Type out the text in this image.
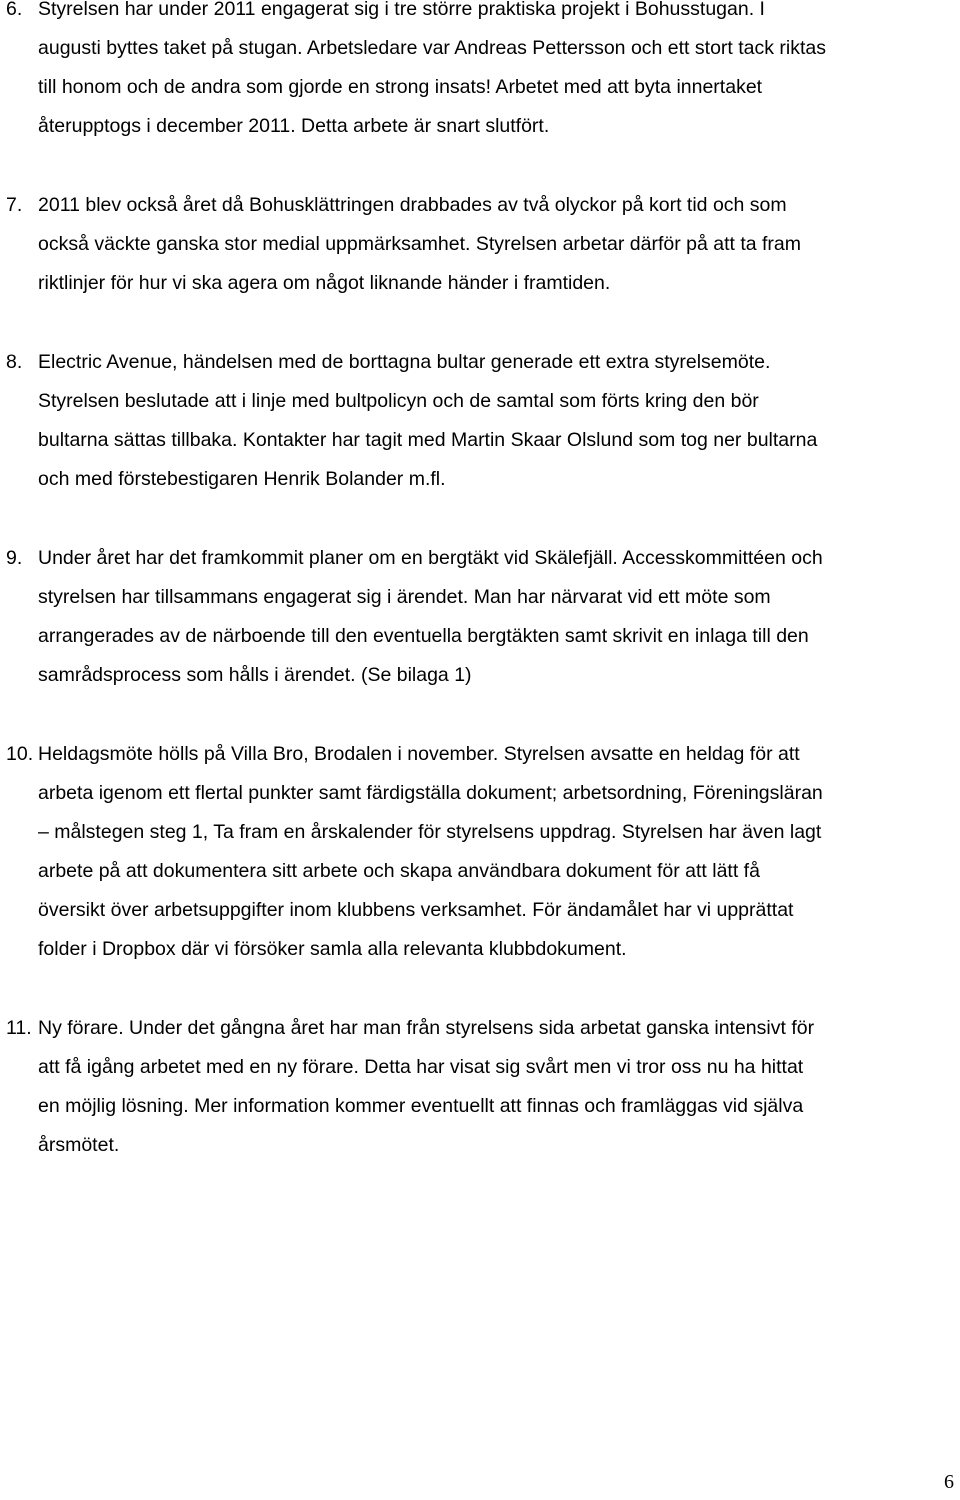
6. Styrelsen har under 2011 engagerat sig i tre större praktiska projekt i Bohusstugan. I
augusti byttes taket på stugan. Arbetsledare var Andreas Pettersson och ett stort tack riktas
till honom och de andra som gjorde en strong insats! Arbetet med att byta innertaket
återupptogs i december 2011. Detta arbete är snart slutfört.
7. 2011 blev också året då Bohusklättringen drabbades av två olyckor på kort tid och som
också väckte ganska stor medial uppmärksamhet. Styrelsen arbetar därför på att ta fram
riktlinjer för hur vi ska agera om något liknande händer i framtiden.
8. Electric Avenue, händelsen med de borttagna bultar generade ett extra styrelsemöte.
Styrelsen beslutade att i linje med bultpolicyn och de samtal som förts kring den bör
bultarna sättas tillbaka. Kontakter har tagit med Martin Skaar Olslund som tog ner bultarna
och med förstebestigaren Henrik Bolander m.fl.
9. Under året har det framkommit planer om en bergtäkt vid Skälefjäll. Accesskommittéen och
styrelsen har tillsammans engagerat sig i ärendet. Man har närvarat vid ett möte som
arrangerades av de närboende till den eventuella bergtäkten samt skrivit en inlaga till den
samrådsprocess som hålls i ärendet. (Se bilaga 1)
10. Heldagsmöte hölls på Villa Bro, Brodalen i november. Styrelsen avsatte en heldag för att
arbeta igenom ett flertal punkter samt färdigställa dokument; arbetsordning, Föreningsläran
– målstegen steg 1, Ta fram en årskalender för styrelsens uppdrag. Styrelsen har även lagt
arbete på att dokumentera sitt arbete och skapa användbara dokument för att lätt få
översikt över arbetsuppgifter inom klubbens verksamhet. För ändamålet har vi upprättat
folder i Dropbox där vi försöker samla alla relevanta klubbdokument.
11. Ny förare. Under det gångna året har man från styrelsens sida arbetat ganska intensivt för
att få igång arbetet med en ny förare. Detta har visat sig svårt men vi tror oss nu ha hittat
en möjlig lösning. Mer information kommer eventuellt att finnas och framläggas vid själva
årsmötet.
6
